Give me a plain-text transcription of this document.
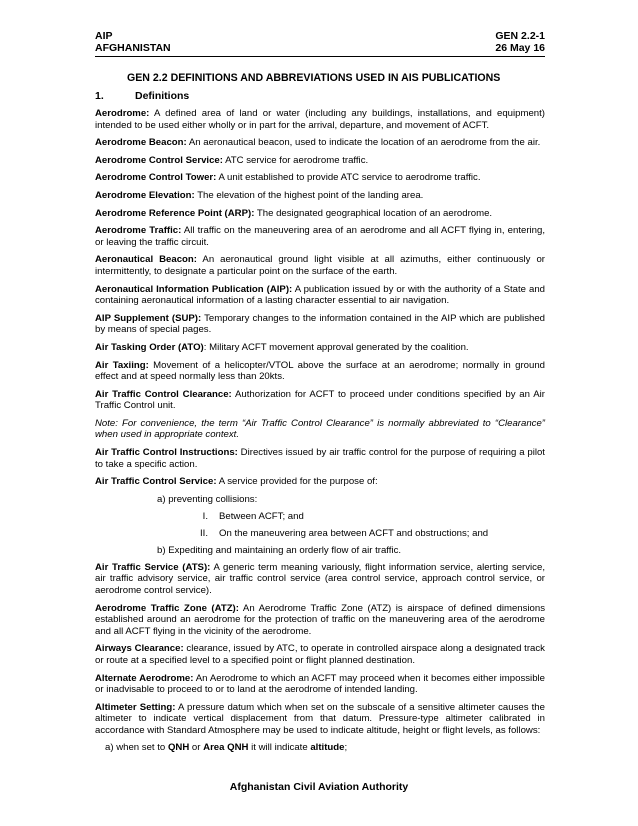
AIP
AFGHANISTAN
GEN 2.2-1
26 May 16
GEN 2.2 DEFINITIONS AND ABBREVIATIONS USED IN AIS PUBLICATIONS
1.	Definitions

Aerodrome: A defined area of land or water (including any buildings, installations, and equipment) intended to be used either wholly or in part for the arrival, departure, and movement of ACFT.

Aerodrome Beacon: An aeronautical beacon, used to indicate the location of an aerodrome from the air.

Aerodrome Control Service: ATC service for aerodrome traffic.

Aerodrome Control Tower: A unit established to provide ATC service to aerodrome traffic.

Aerodrome Elevation: The elevation of the highest point of the landing area.

Aerodrome Reference Point (ARP): The designated geographical location of an aerodrome.

Aerodrome Traffic: All traffic on the maneuvering area of an aerodrome and all ACFT flying in, entering, or leaving the traffic circuit.

Aeronautical Beacon: An aeronautical ground light visible at all azimuths, either continuously or intermittently, to designate a particular point on the surface of the earth.

Aeronautical Information Publication (AIP): A publication issued by or with the authority of a State and containing aeronautical information of a lasting character essential to air navigation.

AIP Supplement (SUP): Temporary changes to the information contained in the AIP which are published by means of special pages.

Air Tasking Order (ATO): Military ACFT movement approval generated by the coalition.

Air Taxiing: Movement of a helicopter/VTOL above the surface at an aerodrome; normally in ground effect and at speed normally less than 20kts.

Air Traffic Control Clearance: Authorization for ACFT to proceed under conditions specified by an Air Traffic Control unit.

Note: For convenience, the term “Air Traffic Control Clearance” is normally abbreviated to “Clearance” when used in appropriate context.

Air Traffic Control Instructions: Directives issued by air traffic control for the purpose of requiring a pilot to take a specific action.

Air Traffic Control Service: A service provided for the purpose of:

a) preventing collisions:
I. Between ACFT; and
II. On the maneuvering area between ACFT and obstructions; and
b) Expediting and maintaining an orderly flow of air traffic.

Air Traffic Service (ATS): A generic term meaning variously, flight information service, alerting service, air traffic advisory service, air traffic control service (area control service, approach control service, or aerodrome control service).

Aerodrome Traffic Zone (ATZ): An Aerodrome Traffic Zone (ATZ) is airspace of defined dimensions established around an aerodrome for the protection of traffic on the maneuvering area of the aerodrome and all ACFT flying in the vicinity of the aerodrome.

Airways Clearance: clearance, issued by ATC, to operate in controlled airspace along a designated track or route at a specified level to a specified point or flight planned destination.

Alternate Aerodrome: An Aerodrome to which an ACFT may proceed when it becomes either impossible or inadvisable to proceed to or to land at the aerodrome of intended landing.

Altimeter Setting: A pressure datum which when set on the subscale of a sensitive altimeter causes the altimeter to indicate vertical displacement from that datum. Pressure-type altimeter calibrated in accordance with Standard Atmosphere may be used to indicate altitude, height or flight levels, as follows:

a) when set to QNH or Area QNH it will indicate altitude;

Afghanistan Civil Aviation Authority
